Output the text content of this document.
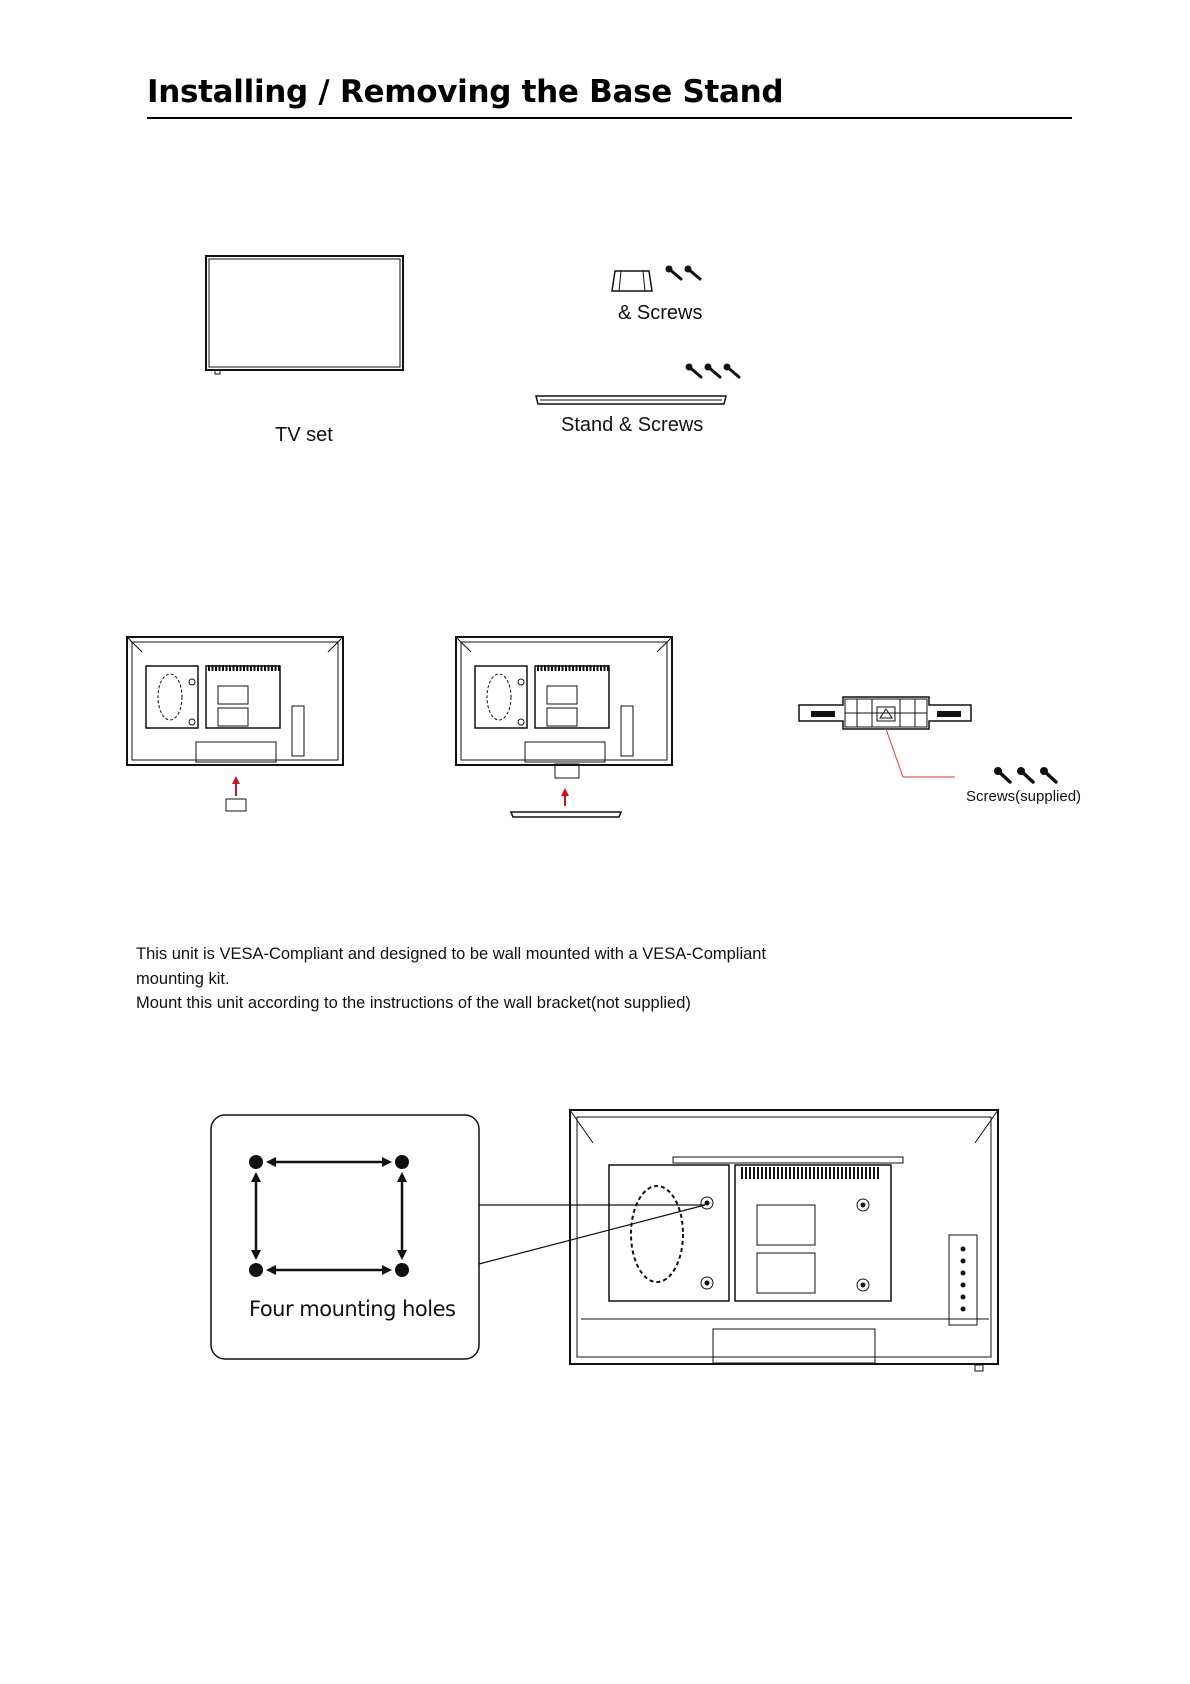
Installing / Removing the Base Stand
TV set
& Screws
Stand & Screws
Screws(supplied)
This unit is VESA-Compliant and designed to be wall mounted with a VESA-Compliant
mounting kit.
Mount this unit according to the instructions of the wall bracket(not supplied)
Four mounting holes
